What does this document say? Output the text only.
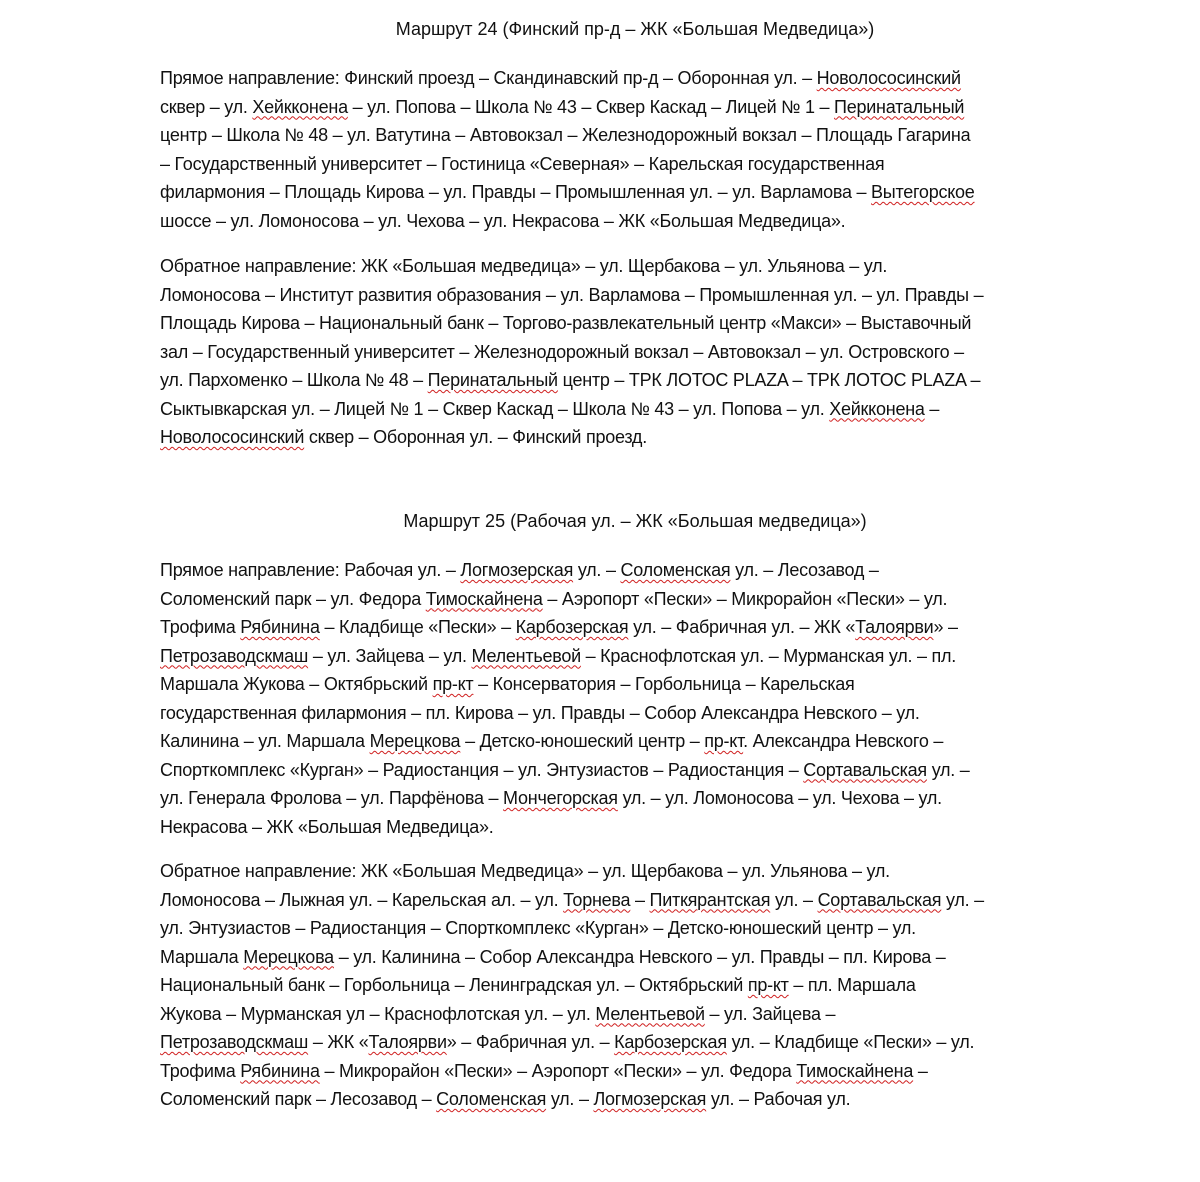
Маршрут 24 (Финский пр-д – ЖК «Большая Медведица»)
Прямое направление: Финский проезд – Скандинавский пр-д – Оборонная ул. – Новолососинский
сквер – ул. Хейкконена – ул. Попова – Школа № 43 – Сквер Каскад – Лицей № 1 – Перинатальный
центр – Школа № 48 – ул. Ватутина – Автовокзал – Железнодорожный вокзал – Площадь Гагарина
– Государственный университет – Гостиница «Северная» – Карельская государственная
филармония – Площадь Кирова – ул. Правды – Промышленная ул. – ул. Варламова – Вытегорское
шоссе – ул. Ломоносова – ул. Чехова – ул. Некрасова – ЖК «Большая Медведица».
Обратное направление: ЖК «Большая медведица» – ул. Щербакова – ул. Ульянова – ул.
Ломоносова – Институт развития образования – ул. Варламова – Промышленная ул. – ул. Правды –
Площадь Кирова – Национальный банк – Торгово-развлекательный центр «Макси» – Выставочный
зал – Государственный университет – Железнодорожный вокзал – Автовокзал – ул. Островского –
ул. Пархоменко – Школа № 48 – Перинатальный центр – ТРК ЛОТОС PLAZA – ТРК ЛОТОС PLAZA –
Сыктывкарская ул. – Лицей № 1 – Сквер Каскад – Школа № 43 – ул. Попова – ул. Хейкконена –
Новолососинский сквер – Оборонная ул. – Финский проезд.
Маршрут 25 (Рабочая ул. – ЖК «Большая медведица»)
Прямое направление: Рабочая ул. – Логмозерская ул. – Соломенская ул. – Лесозавод –
Соломенский парк – ул. Федора Тимоскайнена – Аэропорт «Пески» – Микрорайон «Пески» – ул.
Трофима Рябинина – Кладбище «Пески» – Карбозерская ул. – Фабричная ул. – ЖК «Талоярви» –
Петрозаводскмаш – ул. Зайцева – ул. Мелентьевой – Краснофлотская ул. – Мурманская ул. – пл.
Маршала Жукова – Октябрьский пр-кт – Консерватория – Горбольница – Карельская
государственная филармония – пл. Кирова – ул. Правды – Собор Александра Невского – ул.
Калинина – ул. Маршала Мерецкова – Детско-юношеский центр – пр-кт. Александра Невского –
Спорткомплекс «Курган» – Радиостанция – ул. Энтузиастов – Радиостанция – Сортавальская ул. –
ул. Генерала Фролова – ул. Парфёнова – Мончегорская ул. – ул. Ломоносова – ул. Чехова – ул.
Некрасова – ЖК «Большая Медведица».
Обратное направление: ЖК «Большая Медведица» – ул. Щербакова – ул. Ульянова – ул.
Ломоносова – Лыжная ул. – Карельская ал. – ул. Торнева – Питкярантская ул. – Сортавальская ул. –
ул. Энтузиастов – Радиостанция – Спорткомплекс «Курган» – Детско-юношеский центр – ул.
Маршала Мерецкова – ул. Калинина – Собор Александра Невского – ул. Правды – пл. Кирова –
Национальный банк – Горбольница – Ленинградская ул. – Октябрьский пр-кт – пл. Маршала
Жукова – Мурманская ул – Краснофлотская ул. – ул. Мелентьевой – ул. Зайцева –
Петрозаводскмаш – ЖК «Талоярви» – Фабричная ул. – Карбозерская ул. – Кладбище «Пески» – ул.
Трофима Рябинина – Микрорайон «Пески» – Аэропорт «Пески» – ул. Федора Тимоскайнена –
Соломенский парк – Лесозавод – Соломенская ул. – Логмозерская ул. – Рабочая ул.
